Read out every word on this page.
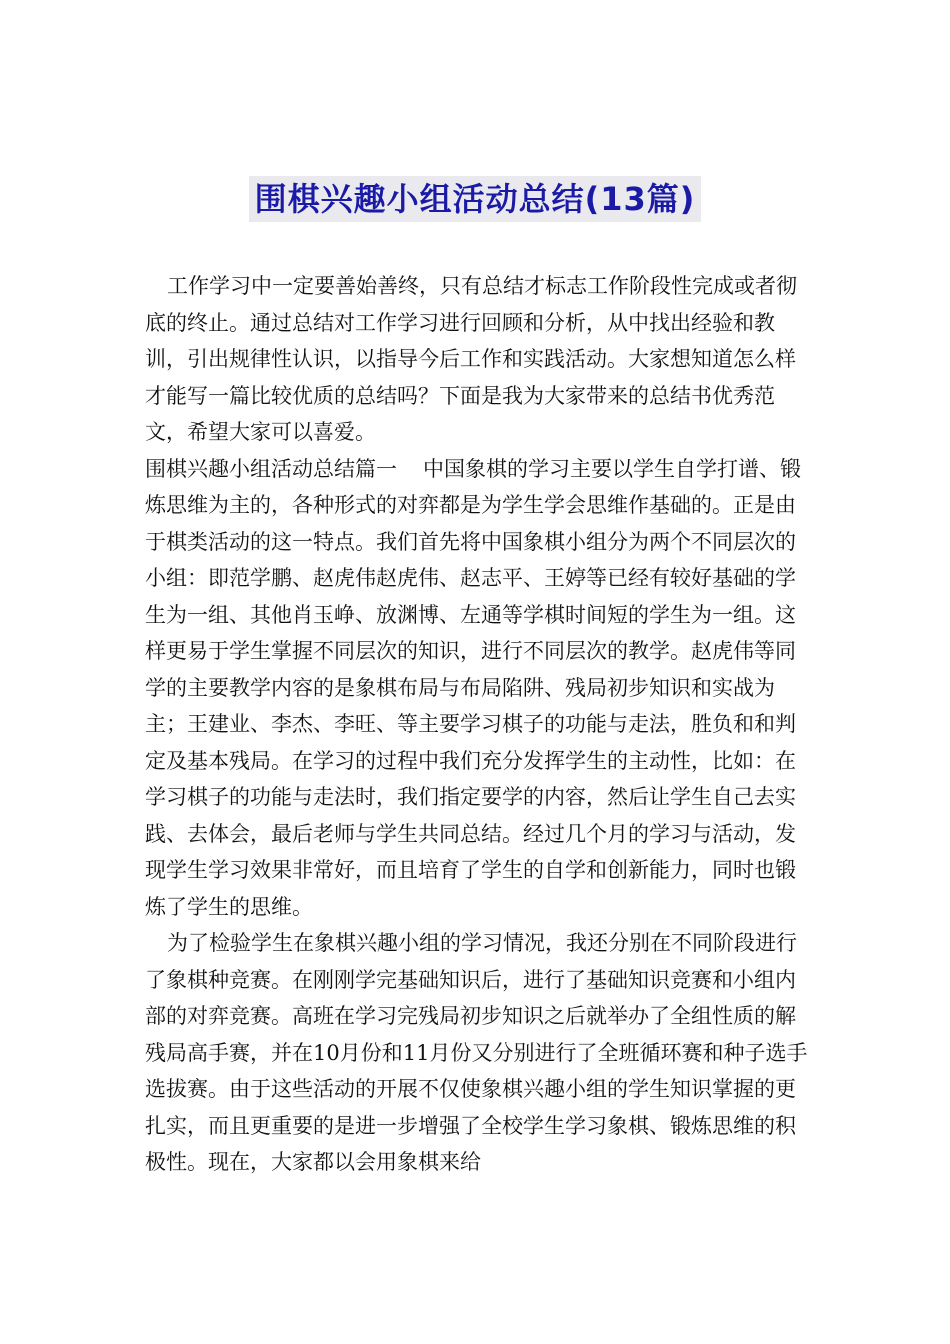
围棋兴趣小组活动总结(13篇)

工作学习中一定要善始善终，只有总结才标志工作阶段性完成或者彻底的终止。通过总结对工作学习进行回顾和分析，从中找出经验和教训，引出规律性认识，以指导今后工作和实践活动。大家想知道怎么样才能写一篇比较优质的总结吗？下面是我为大家带来的总结书优秀范文，希望大家可以喜爱。

围棋兴趣小组活动总结篇一 中国象棋的学习主要以学生自学打谱、锻炼思维为主的，各种形式的对弈都是为学生学会思维作基础的。正是由于棋类活动的这一特点。我们首先将中国象棋小组分为两个不同层次的小组：即范学鹏、赵虎伟赵虎伟、赵志平、王婷等已经有较好基础的学生为一组、其他肖玉峥、放渊博、左通等学棋时间短的学生为一组。这样更易于学生掌握不同层次的知识，进行不同层次的教学。赵虎伟等同学的主要教学内容的是象棋布局与布局陷阱、残局初步知识和实战为主；王建业、李杰、李旺、等主要学习棋子的功能与走法，胜负和和判定及基本残局。在学习的过程中我们充分发挥学生的主动性，比如：在学习棋子的功能与走法时，我们指定要学的内容，然后让学生自己去实践、去体会，最后老师与学生共同总结。经过几个月的学习与活动，发现学生学习效果非常好，而且培育了学生的自学和创新能力，同时也锻炼了学生的思维。

为了检验学生在象棋兴趣小组的学习情况，我还分别在不同阶段进行了象棋种竞赛。在刚刚学完基础知识后，进行了基础知识竞赛和小组内部的对弈竞赛。高班在学习完残局初步知识之后就举办了全组性质的解残局高手赛，并在10月份和11月份又分别进行了全班循环赛和种子选手选拔赛。由于这些活动的开展不仅使象棋兴趣小组的学生知识掌握的更扎实，而且更重要的是进一步增强了全校学生学习象棋、锻炼思维的积极性。现在，大家都以会用象棋来给
